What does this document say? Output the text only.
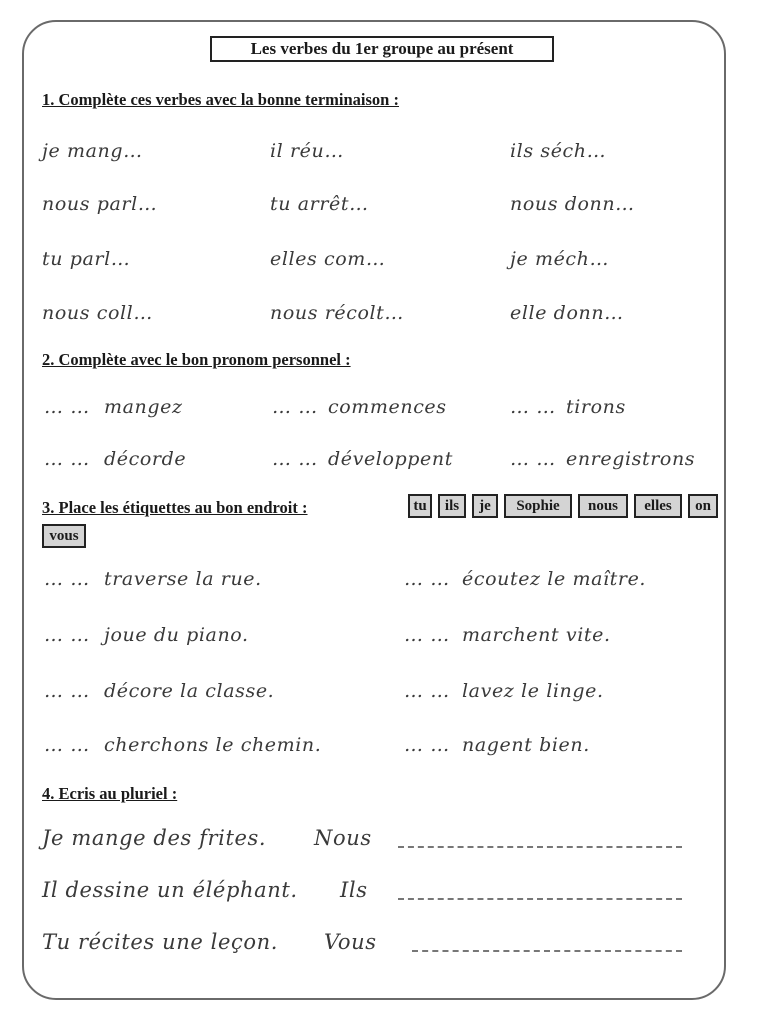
Les verbes du 1er groupe au présent
1. Complète ces verbes avec la bonne terminaison :
je mang…	il réu…	ils séch…
nous parl…	tu arrêt…	nous donn…
tu parl…	elles com…	je méch…
nous coll…	nous récolt…	elle donn…
2. Complète avec le bon pronom personnel :
… … mangez	… … commences	… … tirons
… … décorde	… … développent	… … enregistrons
3. Place les étiquettes au bon endroit :	tu	ils	je	Sophie	nous	elles	on
vous
… … traverse la rue.	… … écoutez le maître.
… … joue du piano.	… … marchent vite.
… … décore la classe.	… … lavez le linge.
… … cherchons le chemin.	… … nagent bien.
4. Ecris au pluriel :
Je mange des frites. Nous
Il dessine un éléphant. Ils
Tu récites une leçon. Vous
